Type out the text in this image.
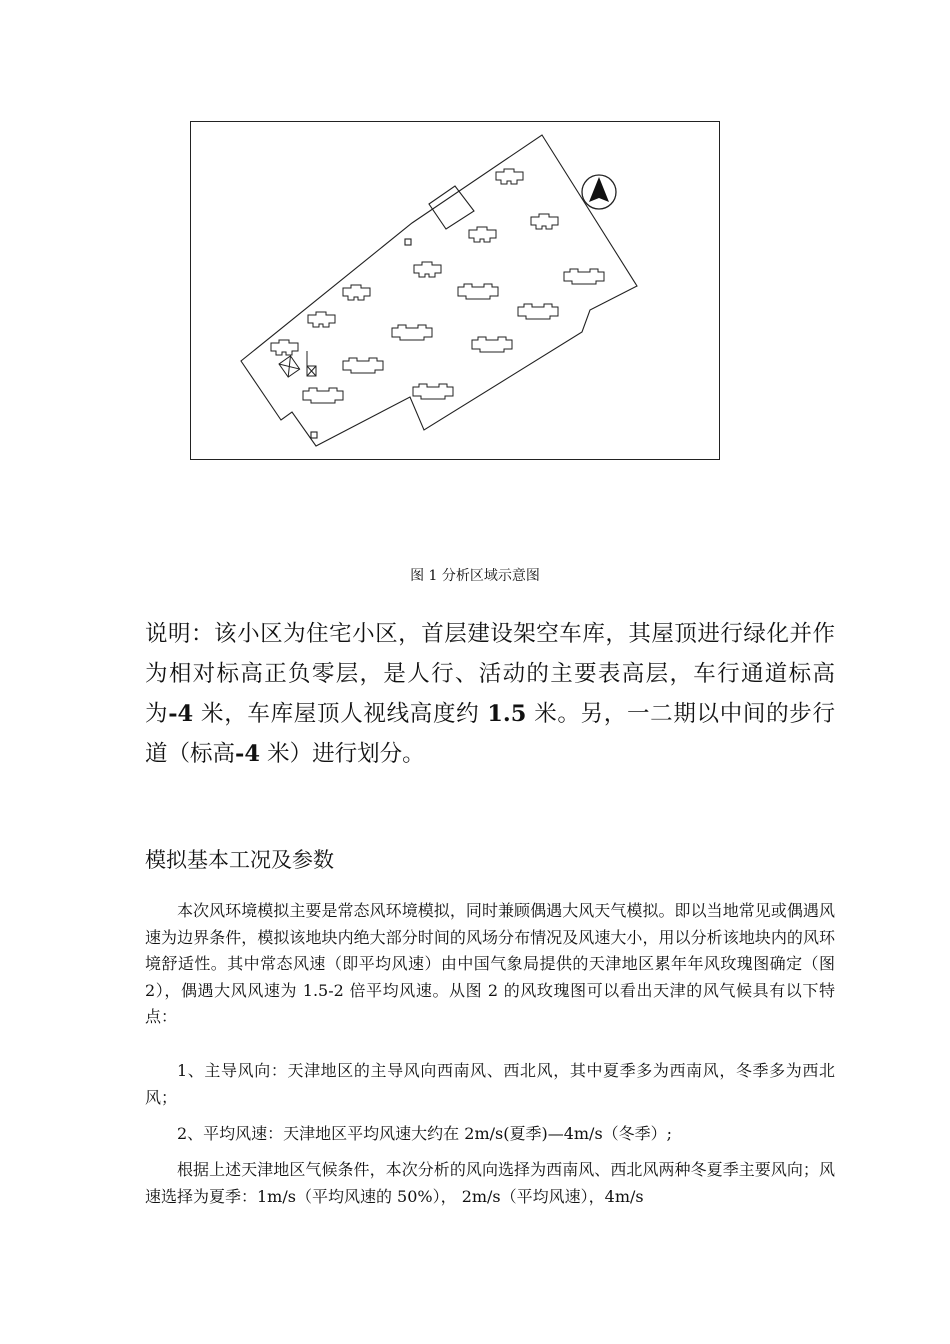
图 1 分析区域示意图

说明：该小区为住宅小区，首层建设架空车库，其屋顶进行绿化并作为相对标高正负零层，是人行、活动的主要表高层，车行通道标高为-4 米，车库屋顶人视线高度约 1.5 米。另，一二期以中间的步行道（标高-4 米）进行划分。

模拟基本工况及参数

本次风环境模拟主要是常态风环境模拟，同时兼顾偶遇大风天气模拟。即以当地常见或偶遇风速为边界条件，模拟该地块内绝大部分时间的风场分布情况及风速大小，用以分析该地块内的风环境舒适性。其中常态风速（即平均风速）由中国气象局提供的天津地区累年年风玫瑰图确定（图 2），偶遇大风风速为 1.5-2 倍平均风速。从图 2 的风玫瑰图可以看出天津的风气候具有以下特点：

1、主导风向：天津地区的主导风向西南风、西北风，其中夏季多为西南风，冬季多为西北风；

2、平均风速：天津地区平均风速大约在 2m/s(夏季)—4m/s（冬季）;

根据上述天津地区气候条件，本次分析的风向选择为西南风、西北风两种冬夏季主要风向；风速选择为夏季：1m/s（平均风速的 50%）， 2m/s（平均风速），4m/s
